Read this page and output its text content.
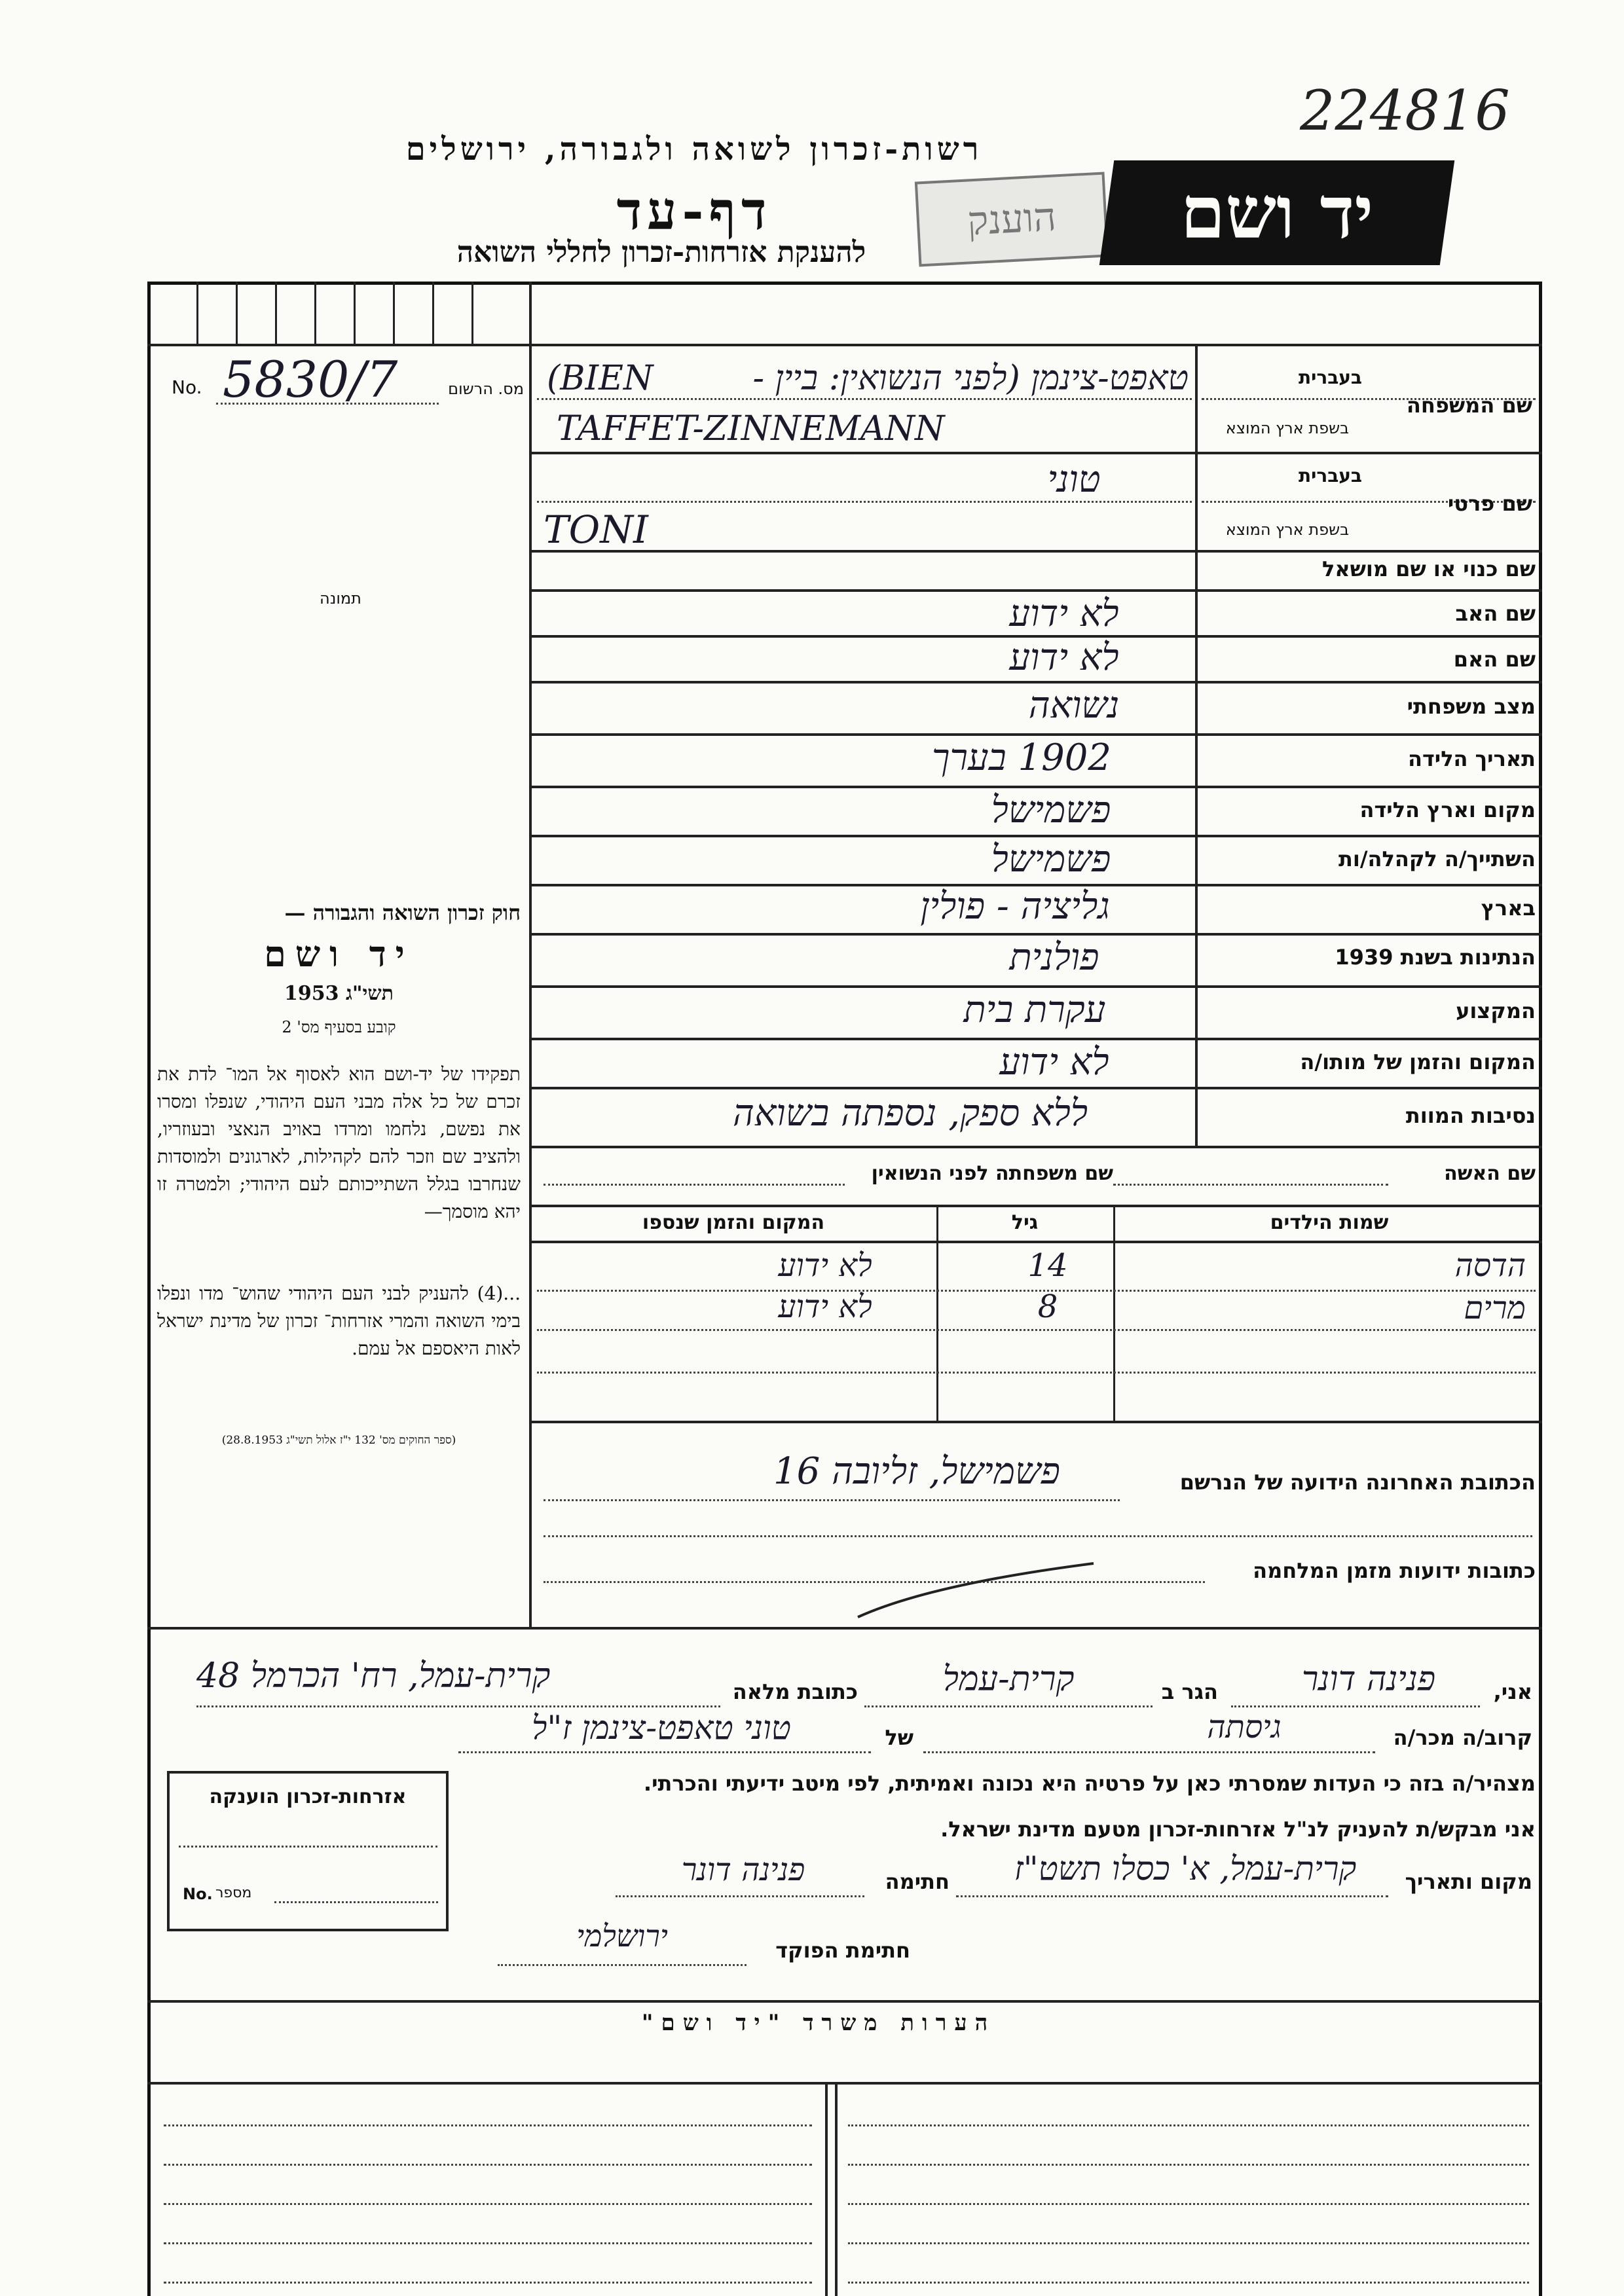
224816
רשות-זכרון לשואה ולגבורה, ירושלים
דף-עד
להענקת אזרחות-זכרון לחללי השואה
הוענק	יד ושם
No. 5830/7	מס. הרשום
תמונה
חוק זכרון השואה והגבורה —
יד ושם
תשי"ג 1953
קובע בסעיף מס' 2
תפקידו של יד-ושם הוא לאסוף אל המו־ לדת את זכרם של כל אלה מבני העם היהודי, שנפלו ומסרו את נפשם, נלחמו ומרדו באויב הנאצי ובעוזריו, ולהציב שם וזכר להם לקהילות, לארגונים ולמוסדות שנחרבו בגלל השתייכותם לעם היהודי; ולמטרה זו יהא מוסמך—
...(4) להעניק לבני העם היהודי שהוש־ מדו ונפלו בימי השואה והמרי אזרחות־ זכרון של מדינת ישראל לאות היאספם אל עמם.
(ספר החוקים מס' 132 י"ז אלול תשי"ג 28.8.1953)
שם המשפחה
בעברית
בשפת ארץ המוצא
טאפט-צינמן (לפני הנשואין: ביין -
(BIEN
TAFFET-ZINNEMANN
שם פרטי
בעברית
בשפת ארץ המוצא
טוני
TONI
שם כנוי או שם מושאל
שם האב
לא ידוע
שם האם
לא ידוע
מצב משפחתי
נשואה
תאריך הלידה
1902 בערך
מקום וארץ הלידה
פשמישל
השתייך/ה לקהלה/ות
פשמישל
בארץ
גליציה - פולין
הנתינות בשנת 1939
פולנית
המקצוע
עקרת בית
המקום והזמן של מותו/ה
לא ידוע
נסיבות המוות
ללא ספק, נספתה בשואה
שם האשה
שם משפחתה לפני הנשואין
שמות הילדים
גיל
המקום והזמן שנספו
הדסה
14
לא ידוע
מרים
8
לא ידוע
הכתובת האחרונה הידועה של הנרשם
פשמישל, זליובה 16
כתובות ידועות מזמן המלחמה
אני,
פנינה דונר
הגר ב
קרית-עמל
כתובת מלאה
קרית-עמל, רח' הכרמל 48
קרוב/ה מכר/ה
גיסתה
של
טוני טאפט-צינמן ז"ל
מצהיר/ה בזה כי העדות שמסרתי כאן על פרטיה היא נכונה ואמיתית, לפי מיטב ידיעתי והכרתי.
אני מבקש/ת להעניק לנ"ל אזרחות-זכרון מטעם מדינת ישראל.
מקום ותאריך
קרית-עמל, א' כסלו תשט"ז
חתימה
פנינה דונר
חתימת הפוקד
ירושלמי
אזרחות-זכרון הוענקה
מספר
No.
הערות משרד "יד ושם"
